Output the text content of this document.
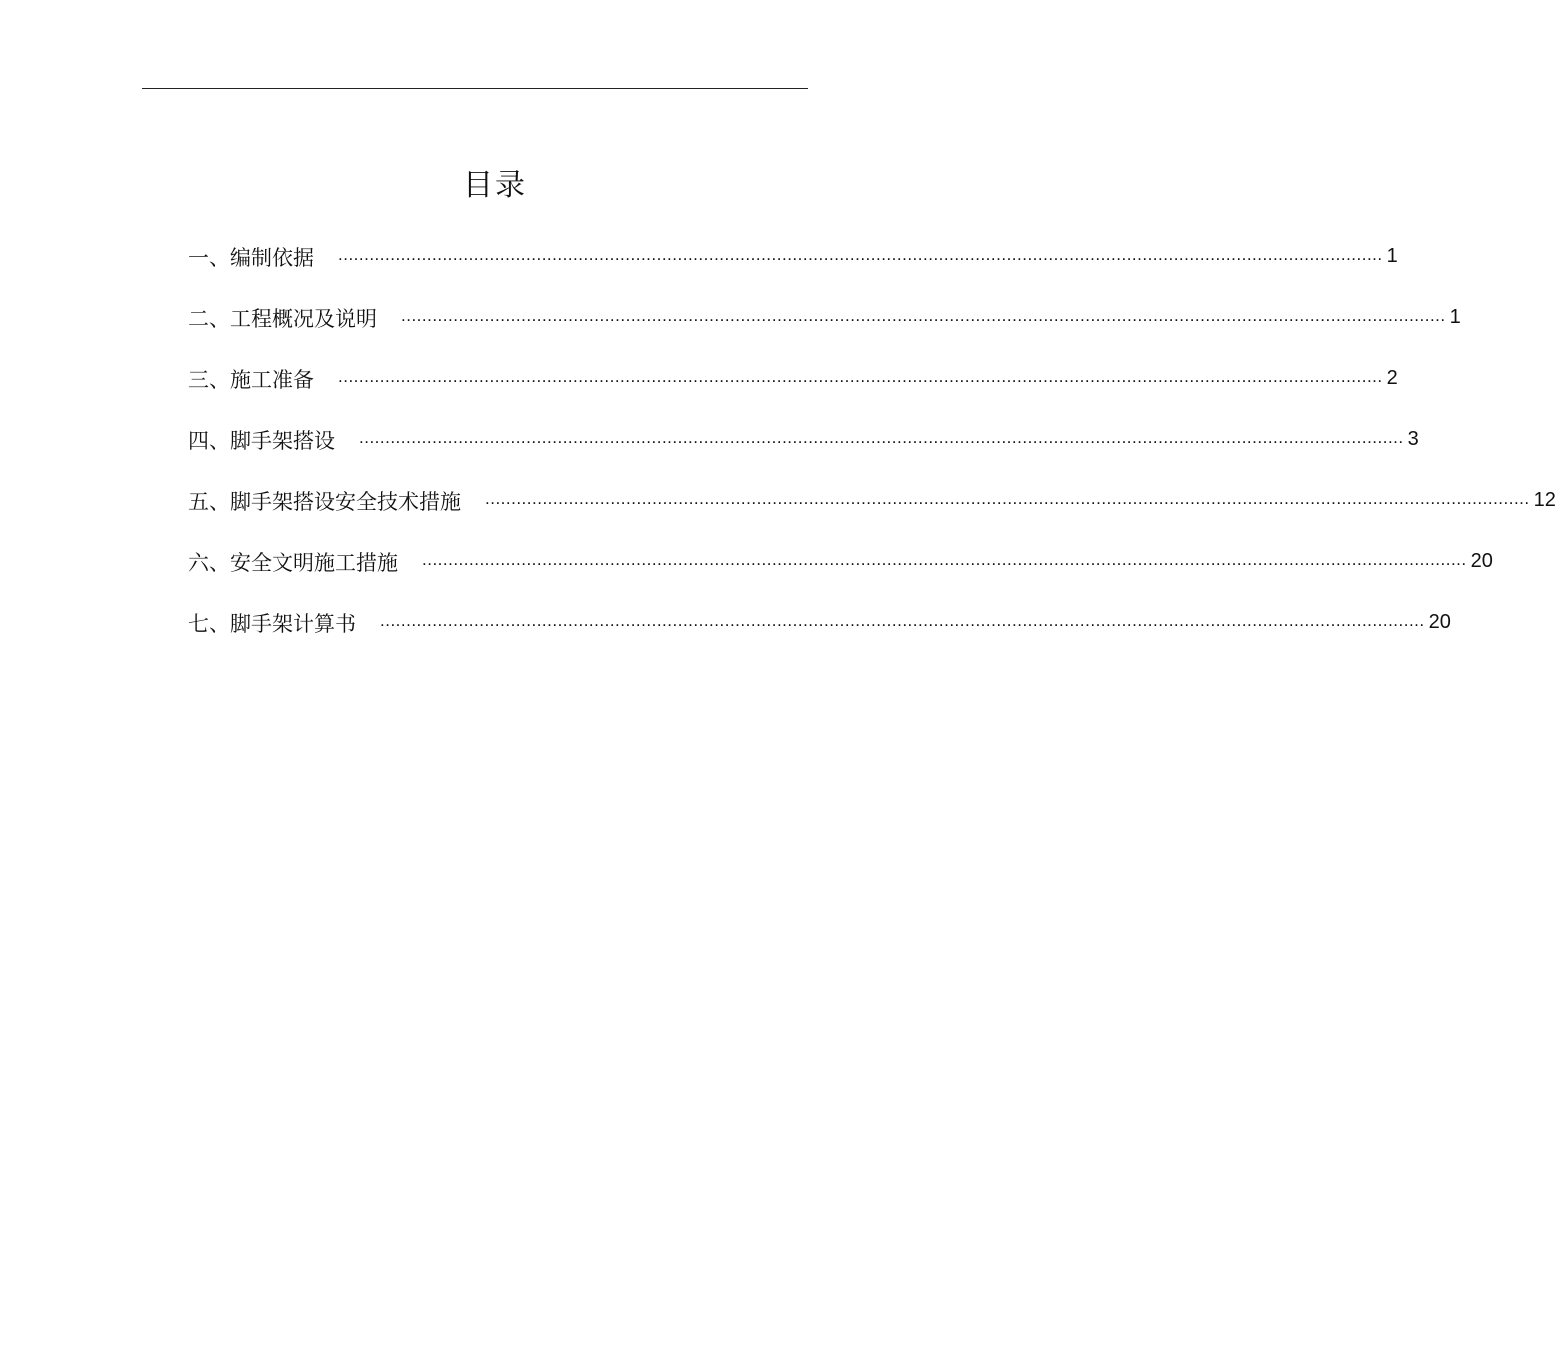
目录
一、 编制依据	........................................................................................................................................................................................................ 1
二、 工程概况及说明	........................................................................................................................................................................................................ 1
三、 施工准备	........................................................................................................................................................................................................ 2
四、 脚手架搭设	........................................................................................................................................................................................................ 3
五、 脚手架搭设安全技术措施	........................................................................................................................................................................................................ 12
六、 安全文明施工措施	........................................................................................................................................................................................................ 20
七、 脚手架计算书	........................................................................................................................................................................................................ 20
